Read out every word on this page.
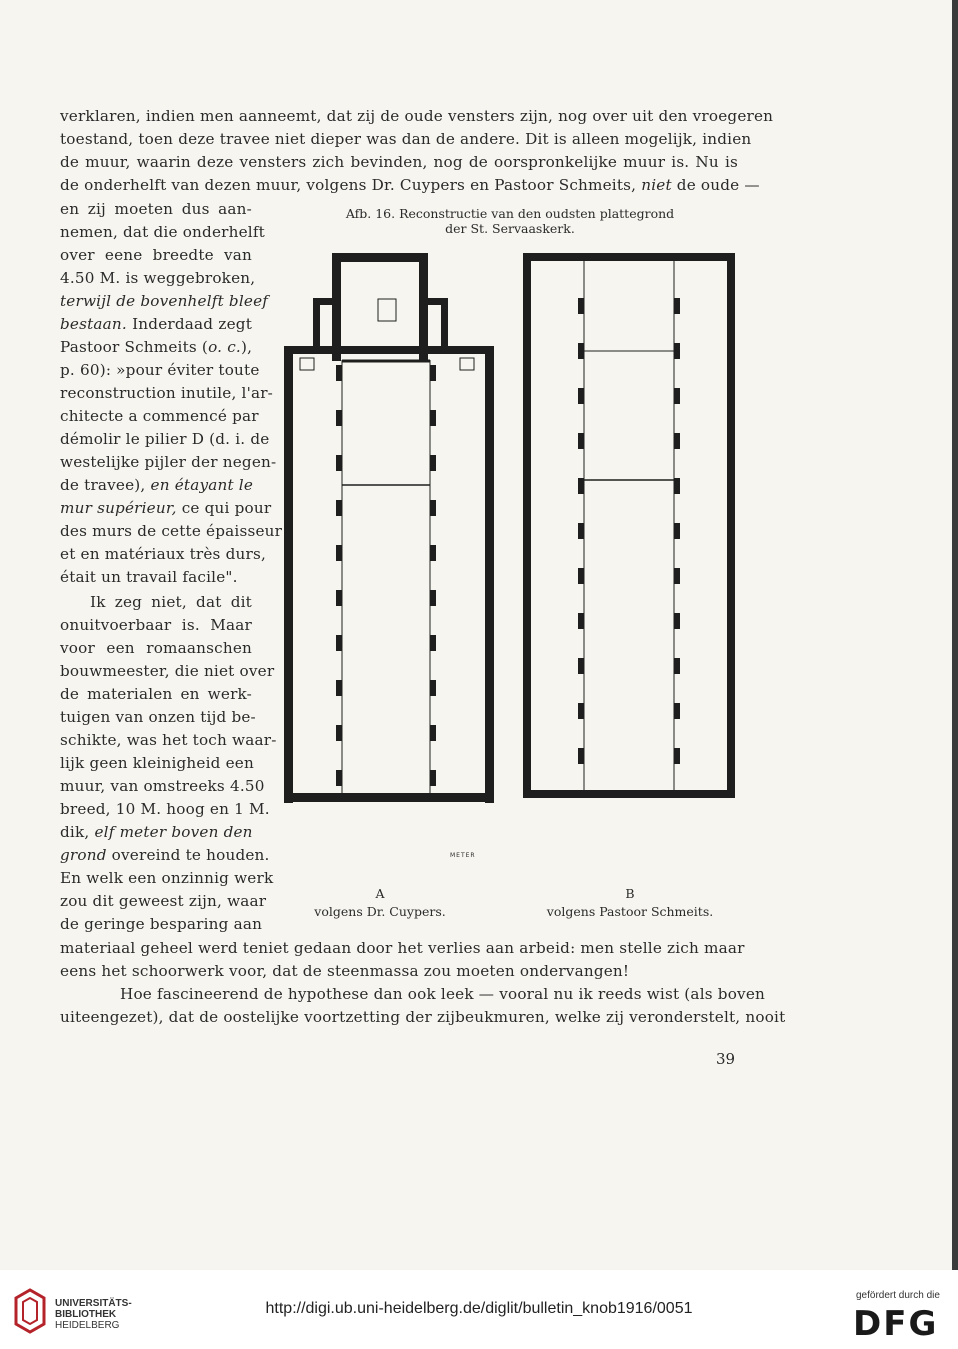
verklaren, indien men aanneemt, dat zij de oude vensters zijn, nog over uit den vroegeren
toestand, toen deze travee niet dieper was dan de andere. Dit is alleen mogelijk, indien
de muur, waarin deze vensters zich bevinden, nog de oorspronkelijke muur is. Nu is
de onderhelft van dezen muur, volgens Dr. Cuypers en Pastoor Schmeits, niet de oude —
en zij moeten dus aan-
nemen, dat die onderhelft
over eene breedte van
4.50 M. is weggebroken,
terwijl de bovenhelft bleef
bestaan. Inderdaad zegt
Pastoor Schmeits (o. c.),
p. 60): »pour éviter toute
reconstruction inutile, l'ar-
chitecte a commencé par
démolir le pilier D (d. i. de
westelijke pijler der negen-
de travee), en étayant le
mur supérieur, ce qui pour
des murs de cette épaisseur
et en matériaux très durs,
était un travail facile".
Ik zeg niet, dat dit
onuitvoerbaar is. Maar
voor een romaanschen
bouwmeester, die niet over
de materialen en werk-
tuigen van onzen tijd be-
schikte, was het toch waar-
lijk geen kleinigheid een
muur, van omstreeks 4.50
breed, 10 M. hoog en 1 M.
dik, elf meter boven den
grond overeind te houden.
En welk een onzinnig werk
zou dit geweest zijn, waar
de geringe besparing aan
materiaal geheel werd teniet gedaan door het verlies aan arbeid: men stelle zich maar
eens het schoorwerk voor, dat de steenmassa zou moeten ondervangen!
Hoe fascineerend de hypothese dan ook leek — vooral nu ik reeds wist (als boven
uiteengezet), dat de oostelijke voortzetting der zijbeukmuren, welke zij veronderstelt, nooit
Afb. 16. Reconstructie van den oudsten plattegrond
der St. Servaaskerk.
METER
A
volgens Dr. Cuypers.
B
volgens Pastoor Schmeits.
39
UNIVERSITÄTS-
BIBLIOTHEK
HEIDELBERG
http://digi.ub.uni-heidelberg.de/diglit/bulletin_knob1916/0051
gefördert durch die
DFG
